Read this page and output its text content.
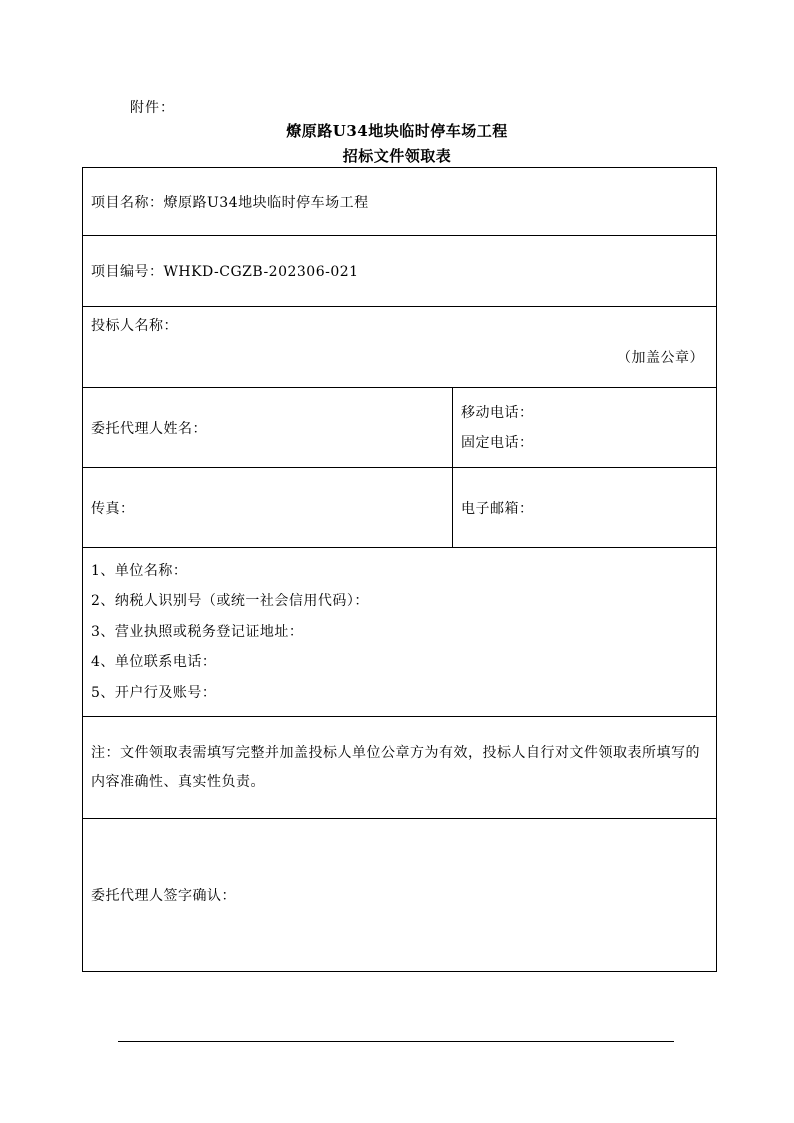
附件：
燎原路U34地块临时停车场工程
招标文件领取表
项目名称：燎原路U34地块临时停车场工程	
项目编号：WHKD-CGZB-202306-021	

投标人名称：
（加盖公章）	

委托代理人姓名：	移动电话：
固定电话：

传真：	电子邮箱：

1、单位名称：
2、纳税人识别号（或统一社会信用代码）：
3、营业执照或税务登记证地址：
4、单位联系电话：
5、开户行及账号：	

注：文件领取表需填写完整并加盖投标人单位公章方为有效，投标人自行对文件领取表所填写的内容准确性、真实性负责。	
委托代理人签字确认：	
